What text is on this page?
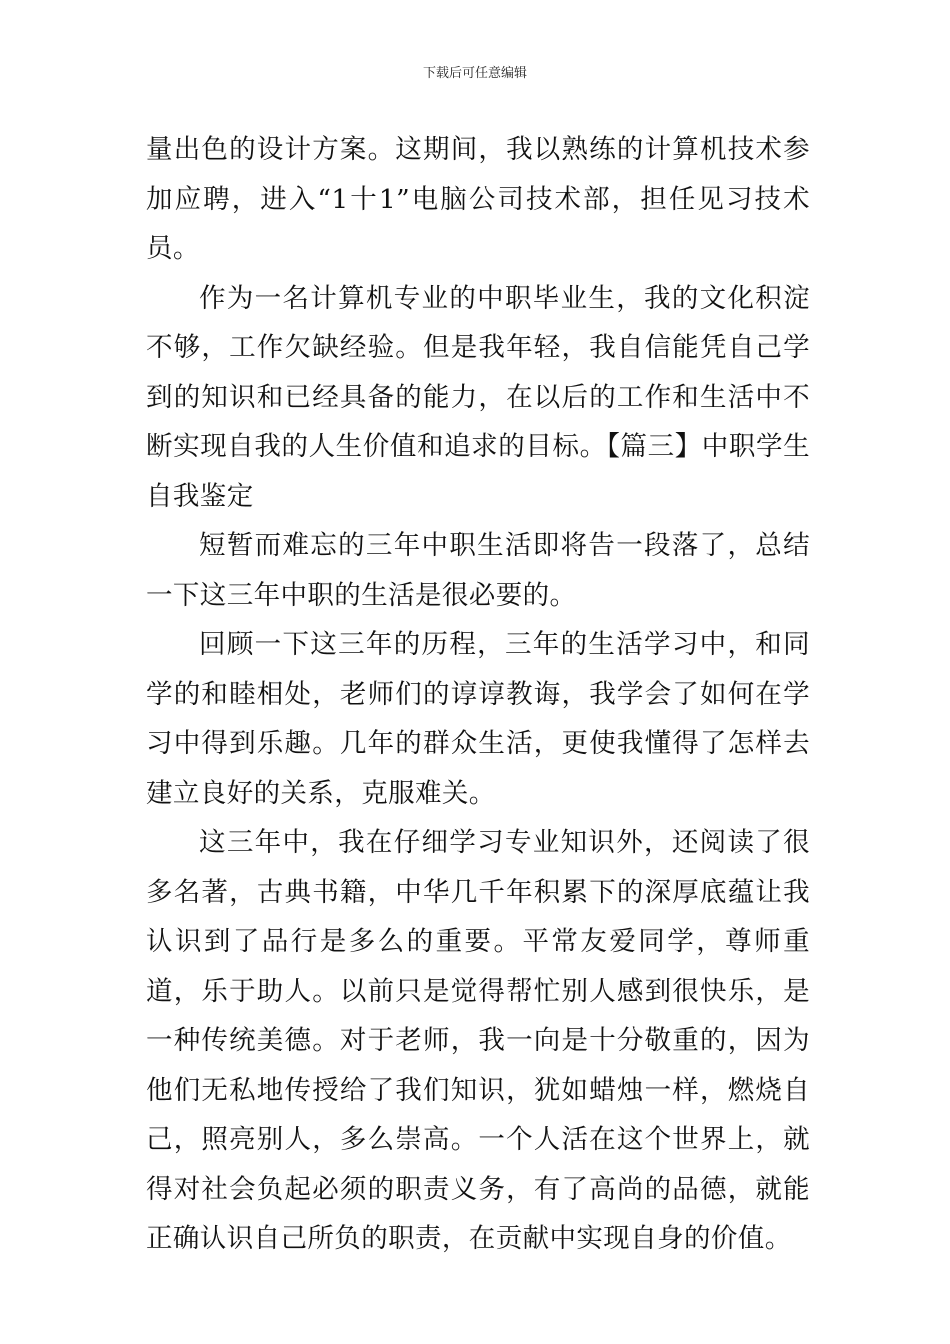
下载后可任意编辑

量出色的设计方案。这期间，我以熟练的计算机技术参加应聘，进入“1十1”电脑公司技术部，担任见习技术员。

作为一名计算机专业的中职毕业生，我的文化积淀不够，工作欠缺经验。但是我年轻，我自信能凭自己学到的知识和已经具备的能力，在以后的工作和生活中不断实现自我的人生价值和追求的目标。【篇三】中职学生自我鉴定

短暂而难忘的三年中职生活即将告一段落了，总结一下这三年中职的生活是很必要的。

回顾一下这三年的历程，三年的生活学习中，和同学的和睦相处，老师们的谆谆教诲，我学会了如何在学习中得到乐趣。几年的群众生活，更使我懂得了怎样去建立良好的关系，克服难关。

这三年中，我在仔细学习专业知识外，还阅读了很多名著，古典书籍，中华几千年积累下的深厚底蕴让我认识到了品行是多么的重要。平常友爱同学，尊师重道，乐于助人。以前只是觉得帮忙别人感到很快乐，是一种传统美德。对于老师，我一向是十分敬重的，因为他们无私地传授给了我们知识，犹如蜡烛一样，燃烧自己，照亮别人，多么崇高。一个人活在这个世界上，就得对社会负起必须的职责义务，有了高尚的品德，就能正确认识自己所负的职责，在贡献中实现自身的价值。
